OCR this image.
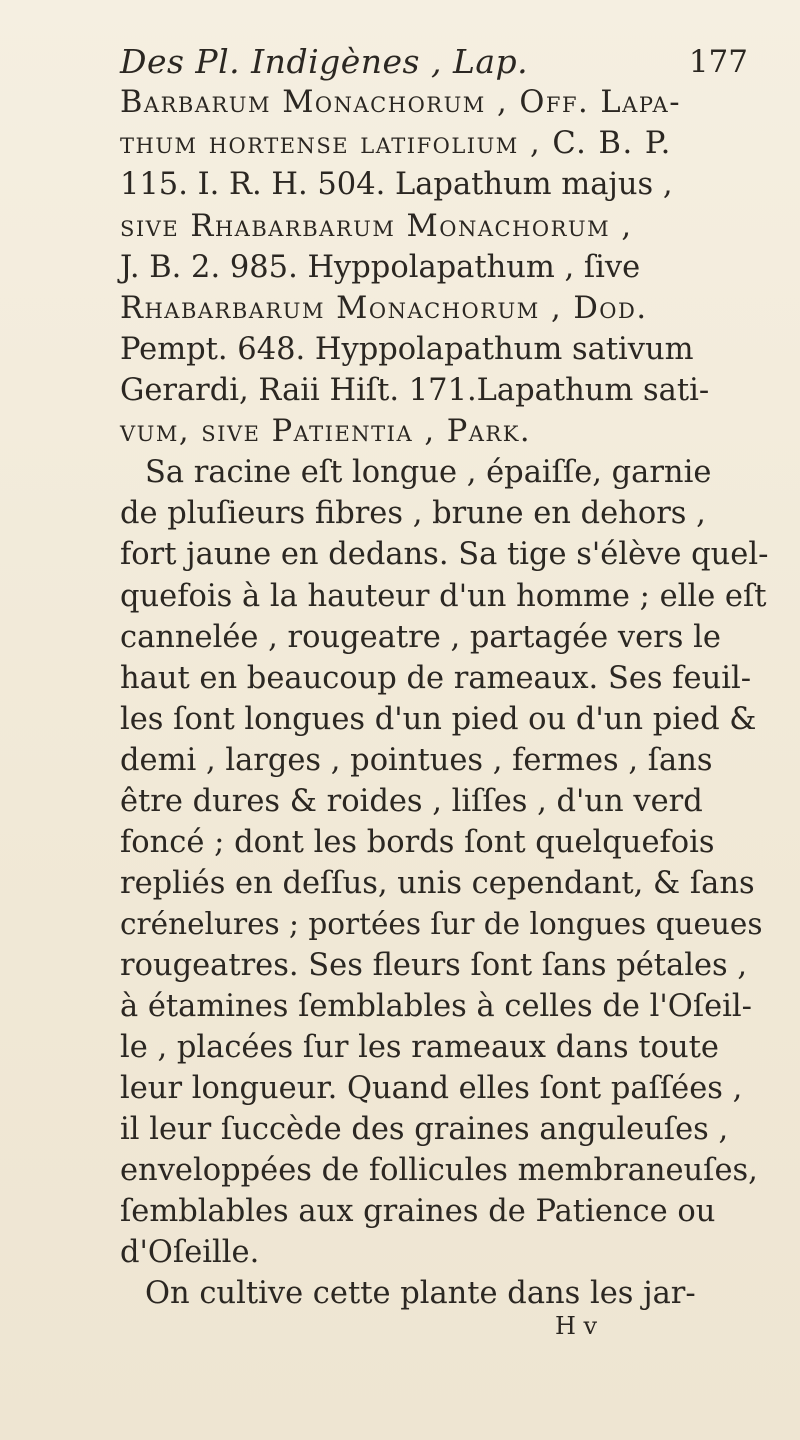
Des Pl. Indigènes , Lap.	177
Barbarum Monachorum , Off. Lapa-
thum hortense latifolium , C. B. P.
115. I. R. H. 504. Lapathum majus ,
ſive Rhabarbarum Monachorum ,
J. B. 2. 985. Hyppolapathum , ſive
Rhabarbarum Monachorum , Dod.
Pempt. 648. Hyppolapathum sativum
Gerardi, Raii Hiſt. 171.Lapathum sati-
vum, ſive Patientia , Park.
Sa racine eſt longue , épaiſſe, garnie
de pluſieurs fibres , brune en dehors ,
fort jaune en dedans. Sa tige s'élève quel-
quefois à la hauteur d'un homme ; elle eſt
cannelée , rougeatre , partagée vers le
haut en beaucoup de rameaux. Ses feuil-
les ſont longues d'un pied ou d'un pied &
demi , larges , pointues , fermes , ſans
être dures & roides , liſſes , d'un verd
foncé ; dont les bords ſont quelquefois
repliés en deſſus, unis cependant, & ſans
crénelures ; portées ſur de longues queues
rougeatres. Ses fleurs ſont ſans pétales ,
à étamines ſemblables à celles de l'Oſeil-
le , placées ſur les rameaux dans toute
leur longueur. Quand elles ſont paſſées ,
il leur ſuccède des graines anguleuſes ,
enveloppées de follicules membraneuſes,
ſemblables aux graines de Patience ou
d'Oſeille.
On cultive cette plante dans les jar-
H v
